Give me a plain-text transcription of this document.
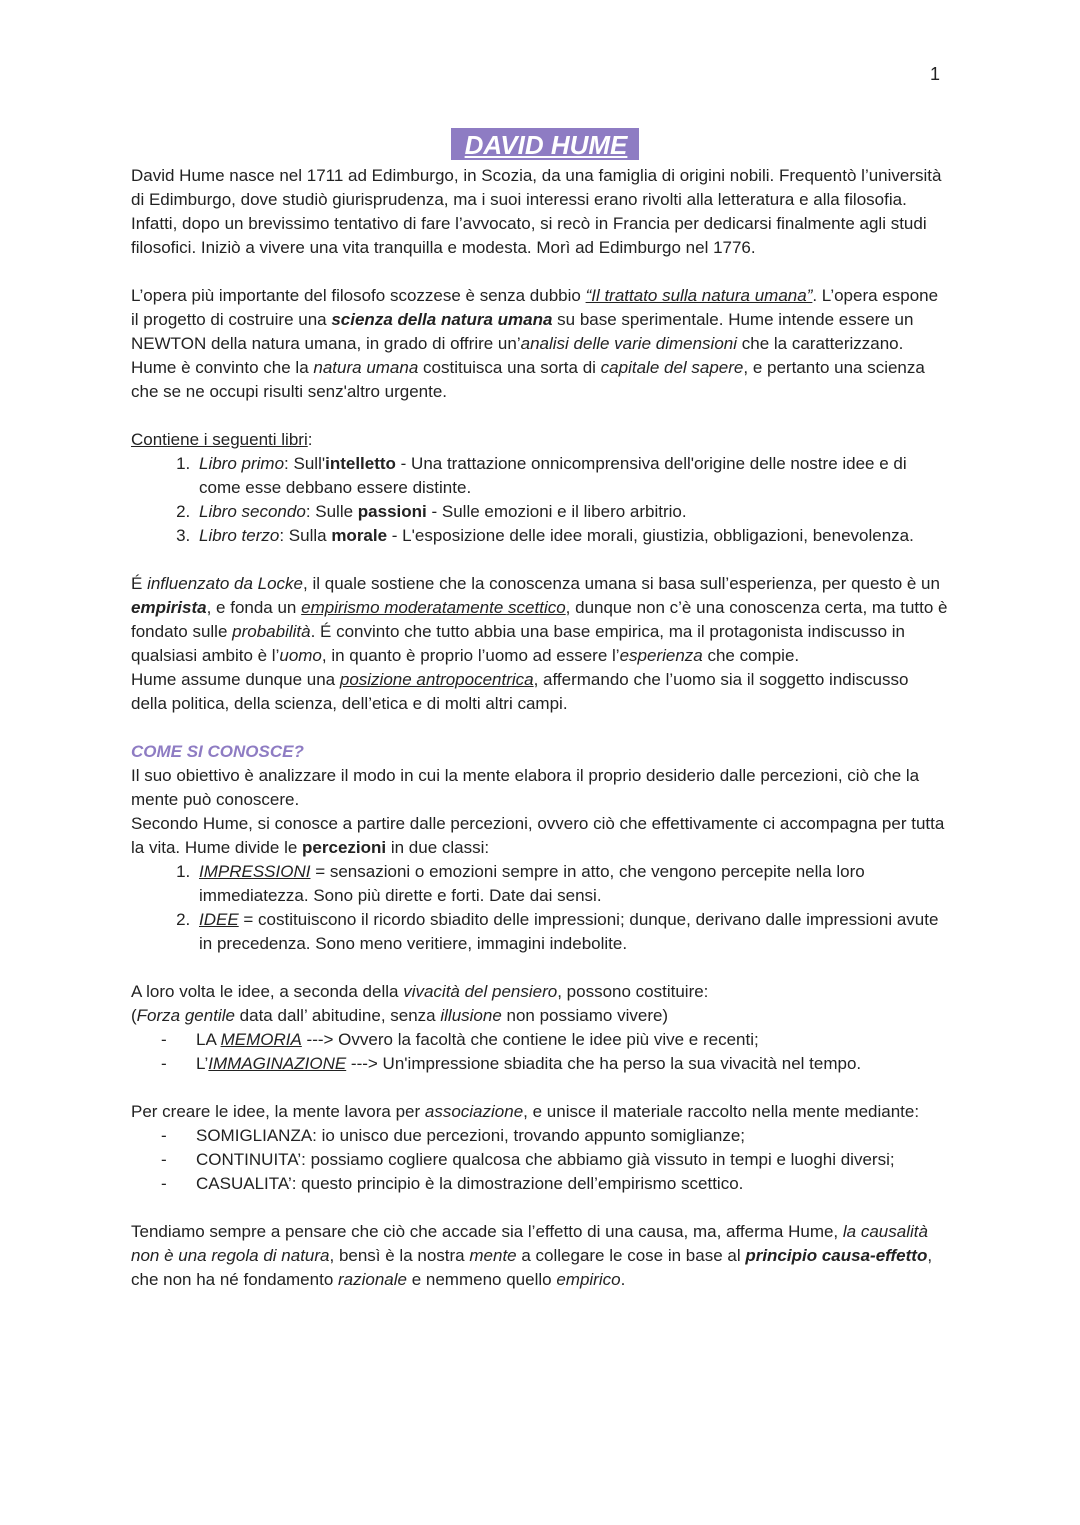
1
DAVID HUME

David Hume nasce nel 1711 ad Edimburgo, in Scozia, da una famiglia di origini nobili. Frequentò l’università di Edimburgo, dove studiò giurisprudenza, ma i suoi interessi erano rivolti alla letteratura e alla filosofia. Infatti, dopo un brevissimo tentativo di fare l’avvocato, si recò in Francia per dedicarsi finalmente agli studi filosofici. Iniziò a vivere una vita tranquilla e modesta. Morì ad Edimburgo nel 1776.

L’opera più importante del filosofo scozzese è senza dubbio “Il trattato sulla natura umana”. L’opera espone il progetto di costruire una scienza della natura umana su base sperimentale. Hume intende essere un NEWTON della natura umana, in grado di offrire un’analisi delle varie dimensioni che la caratterizzano. Hume è convinto che la natura umana costituisca una sorta di capitale del sapere, e pertanto una scienza che se ne occupi risulti senz'altro urgente.

Contiene i seguenti libri:

1. Libro primo: Sull'intelletto - Una trattazione onnicomprensiva dell'origine delle nostre idee e di come esse debbano essere distinte.
2. Libro secondo: Sulle passioni - Sulle emozioni e il libero arbitrio.
3. Libro terzo: Sulla morale - L'esposizione delle idee morali, giustizia, obbligazioni, benevolenza.

É influenzato da Locke, il quale sostiene che la conoscenza umana si basa sull’esperienza, per questo è un empirista, e fonda un empirismo moderatamente scettico, dunque non c’è una conoscenza certa, ma tutto è fondato sulle probabilità. É convinto che tutto abbia una base empirica, ma il protagonista indiscusso in qualsiasi ambito è l’uomo, in quanto è proprio l’uomo ad essere l’esperienza che compie.

Hume assume dunque una posizione antropocentrica, affermando che l’uomo sia il soggetto indiscusso della politica, della scienza, dell’etica e di molti altri campi.

COME SI CONOSCE?

Il suo obiettivo è analizzare il modo in cui la mente elabora il proprio desiderio dalle percezioni, ciò che la mente può conoscere.

Secondo Hume, si conosce a partire dalle percezioni, ovvero ciò che effettivamente ci accompagna per tutta la vita. Hume divide le percezioni in due classi:

1. IMPRESSIONI = sensazioni o emozioni sempre in atto, che vengono percepite nella loro immediatezza. Sono più dirette e forti. Date dai sensi.
2. IDEE = costituiscono il ricordo sbiadito delle impressioni; dunque, derivano dalle impressioni avute in precedenza. Sono meno veritiere, immagini indebolite.

A loro volta le idee, a seconda della vivacità del pensiero, possono costituire:

(Forza gentile data dall’ abitudine, senza illusione non possiamo vivere)

- LA MEMORIA ---> Ovvero la facoltà che contiene le idee più vive e recenti;
- L’IMMAGINAZIONE ---> Un'impressione sbiadita che ha perso la sua vivacità nel tempo.

Per creare le idee, la mente lavora per associazione, e unisce il materiale raccolto nella mente mediante:

- SOMIGLIANZA: io unisco due percezioni, trovando appunto somiglianze;
- CONTINUITA’: possiamo cogliere qualcosa che abbiamo già vissuto in tempi e luoghi diversi;
- CASUALITA’: questo principio è la dimostrazione dell’empirismo scettico.

Tendiamo sempre a pensare che ciò che accade sia l’effetto di una causa, ma, afferma Hume, la causalità non è una regola di natura, bensì è la nostra mente a collegare le cose in base al principio causa-effetto, che non ha né fondamento razionale e nemmeno quello empirico.
